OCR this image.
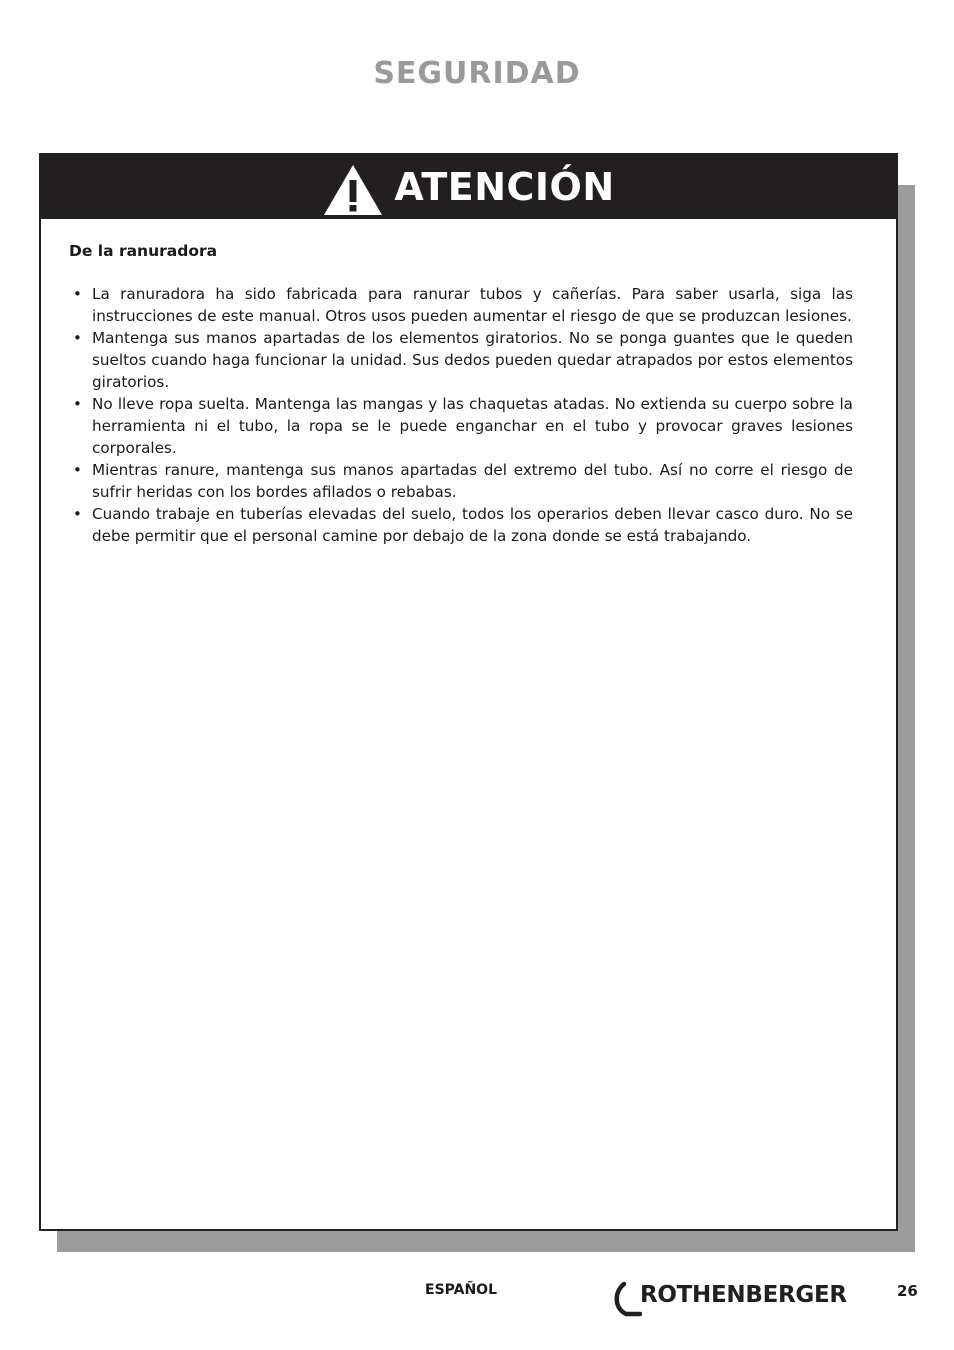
SEGURIDAD
ATENCIÓN
De la ranuradora
• La ranuradora ha sido fabricada para ranurar tubos y cañerías. Para saber usarla, siga las instrucciones de este manual. Otros usos pueden aumentar el riesgo de que se produzcan lesiones.
• Mantenga sus manos apartadas de los elementos giratorios. No se ponga guantes que le queden sueltos cuando haga funcionar la unidad. Sus dedos pueden quedar atrapados por estos elementos giratorios.
• No lleve ropa suelta. Mantenga las mangas y las chaquetas atadas. No extienda su cuerpo sobre la herramienta ni el tubo, la ropa se le puede enganchar en el tubo y provocar graves lesiones corporales.
• Mientras ranure, mantenga sus manos apartadas del extremo del tubo. Así no corre el riesgo de sufrir heridas con los bordes afilados o rebabas.
• Cuando trabaje en tuberías elevadas del suelo, todos los operarios deben llevar casco duro. No se debe permitir que el personal camine por debajo de la zona donde se está trabajando.
ESPAÑOL	ROTHENBERGER	26
